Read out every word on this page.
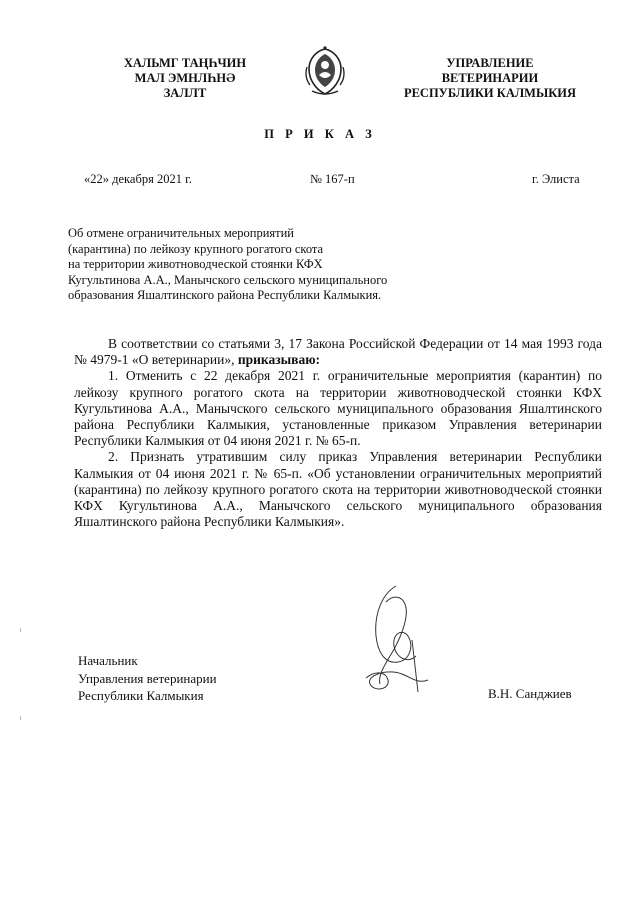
ХАЛЬМГ ТАҢҺЧИН
МАЛ ЭМНЛҺНӘ
ЗАЛЛТ
УПРАВЛЕНИЕ
ВЕТЕРИНАРИИ
РЕСПУБЛИКИ КАЛМЫКИЯ
П Р И К А З
«22» декабря 2021 г.	№ 167-п	г. Элиста
Об отмене ограничительных мероприятий
(карантина) по лейкозу крупного рогатого скота
на территории животноводческой стоянки КФХ
Кугультинова А.А., Манычского сельского муниципального
образования Яшалтинского района Республики Калмыкия.

В соответствии со статьями 3, 17 Закона Российской Федерации от 14 мая 1993 года № 4979-1 «О ветеринарии», приказываю:

1. Отменить с 22 декабря 2021 г. ограничительные мероприятия (карантин) по лейкозу крупного рогатого скота на территории животноводческой стоянки КФХ Кугультинова А.А., Манычского сельского муниципального образования Яшалтинского района Республики Калмыкия, установленные приказом Управления ветеринарии Республики Калмыкия от 04 июня 2021 г. № 65-п.

2. Признать утратившим силу приказ Управления ветеринарии Республики Калмыкия от 04 июня 2021 г. № 65-п. «Об установлении ограничительных мероприятий (карантина) по лейкозу крупного рогатого скота на территории животноводческой стоянки КФХ Кугультинова А.А., Манычского сельского муниципального образования Яшалтинского района Республики Калмыкия».

Начальник
Управления ветеринарии
Республики Калмыкия	В.Н. Санджиев
